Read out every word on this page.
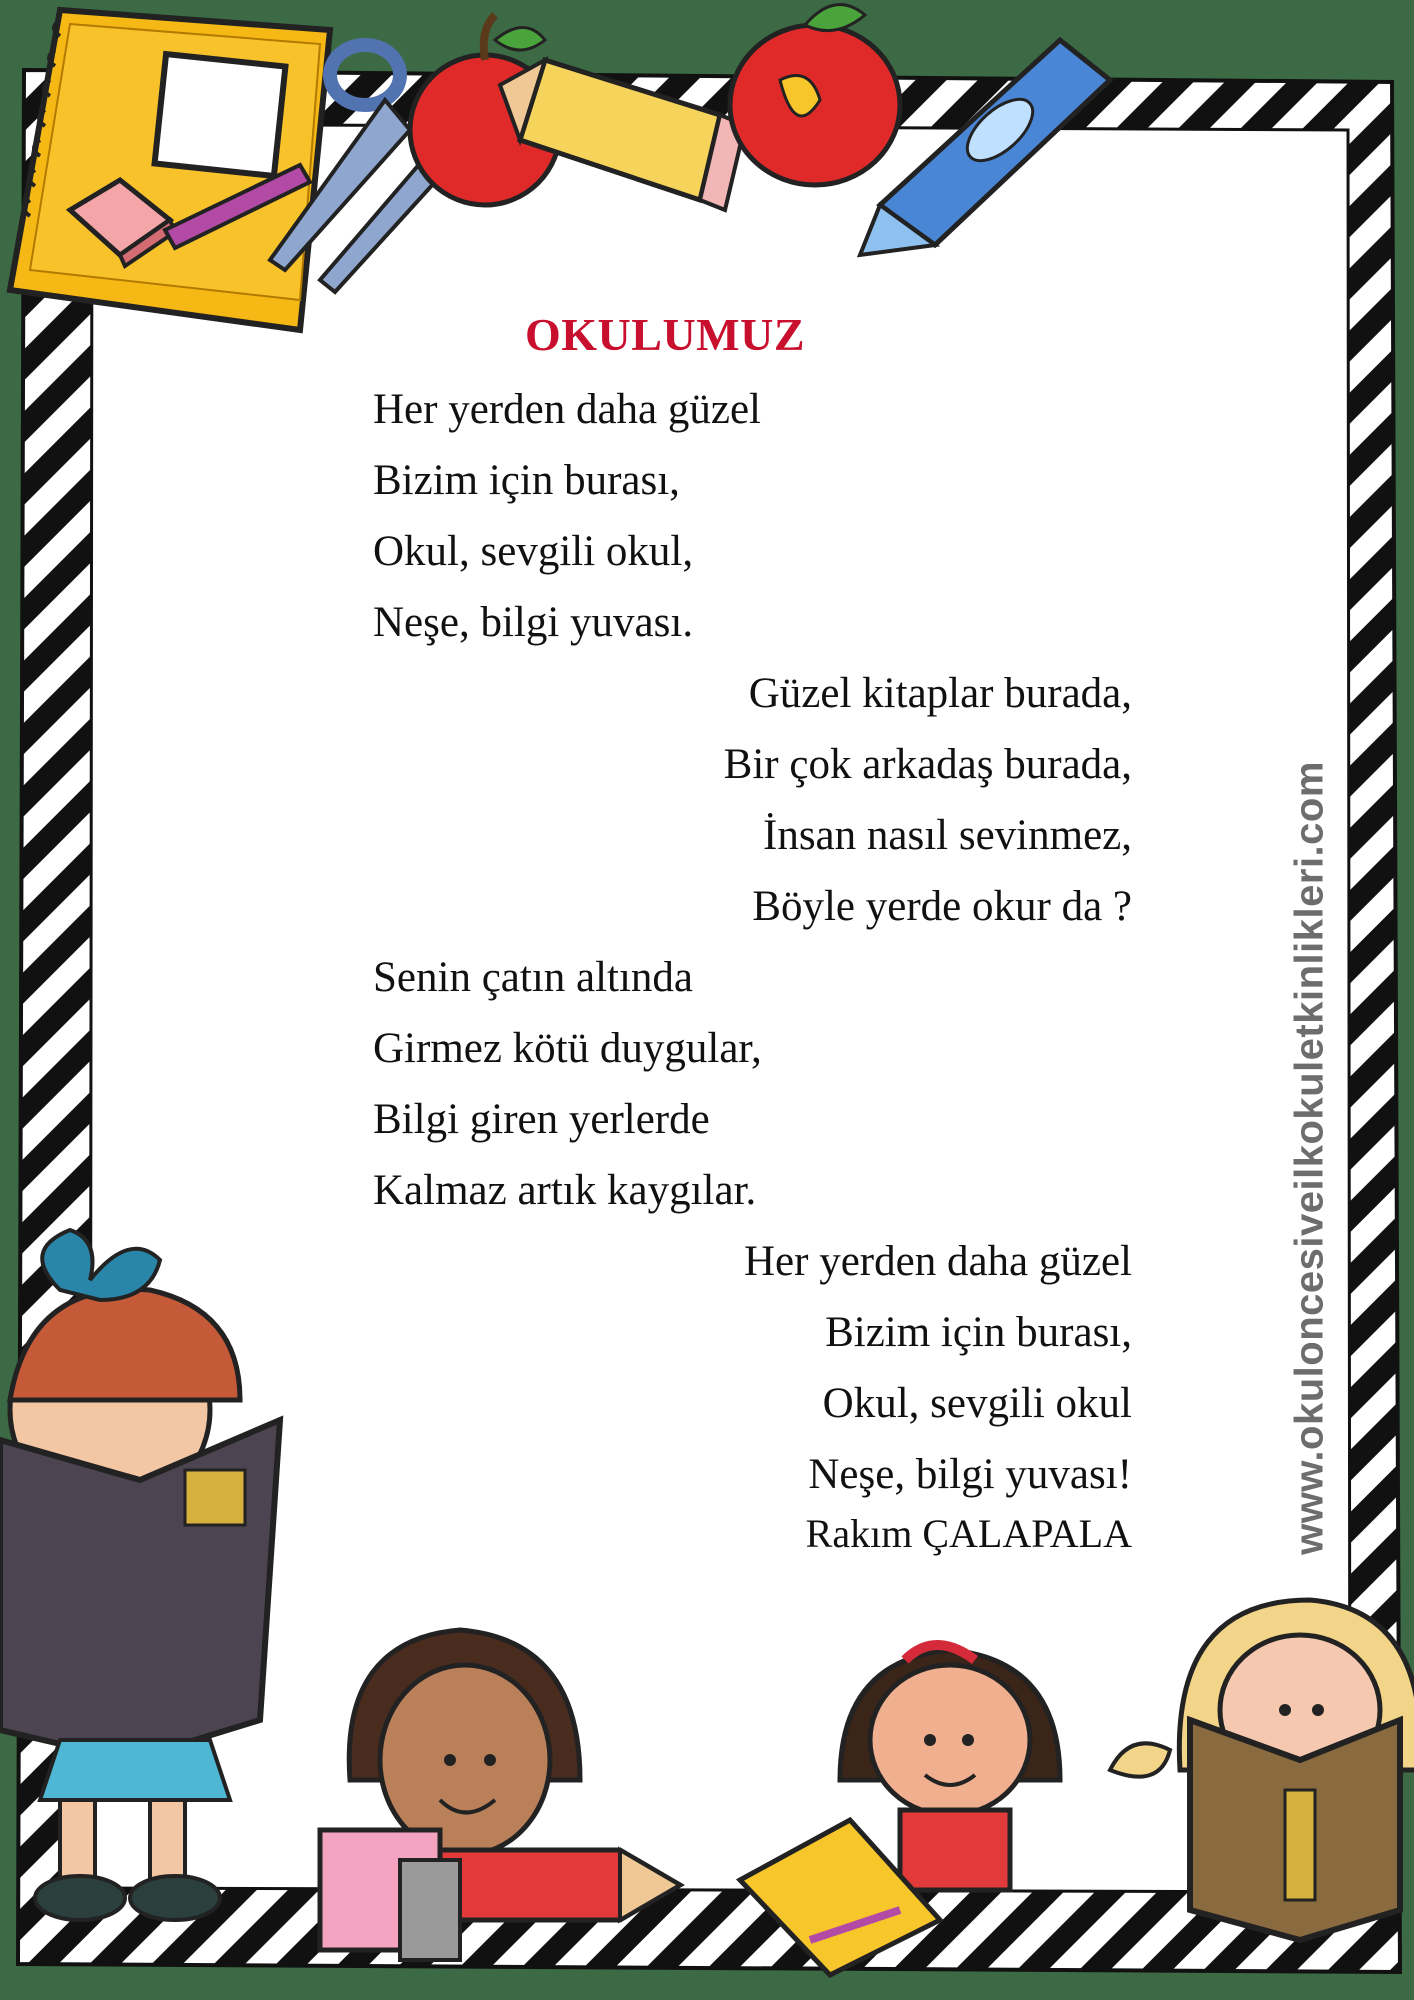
OKULUMUZ
Her yerden daha güzel
Bizim için burası,
Okul, sevgili okul,
Neşe, bilgi yuvası.
Güzel kitaplar burada,
Bir çok arkadaş burada,
İnsan nasıl sevinmez,
Böyle yerde okur da ?
Senin çatın altında
Girmez kötü duygular,
Bilgi giren yerlerde
Kalmaz artık kaygılar.
Her yerden daha güzel
Bizim için burası,
Okul, sevgili okul
Neşe, bilgi yuvası!
Rakım ÇALAPALA	www.okuloncesiveilkokuletkinlikleri.com
